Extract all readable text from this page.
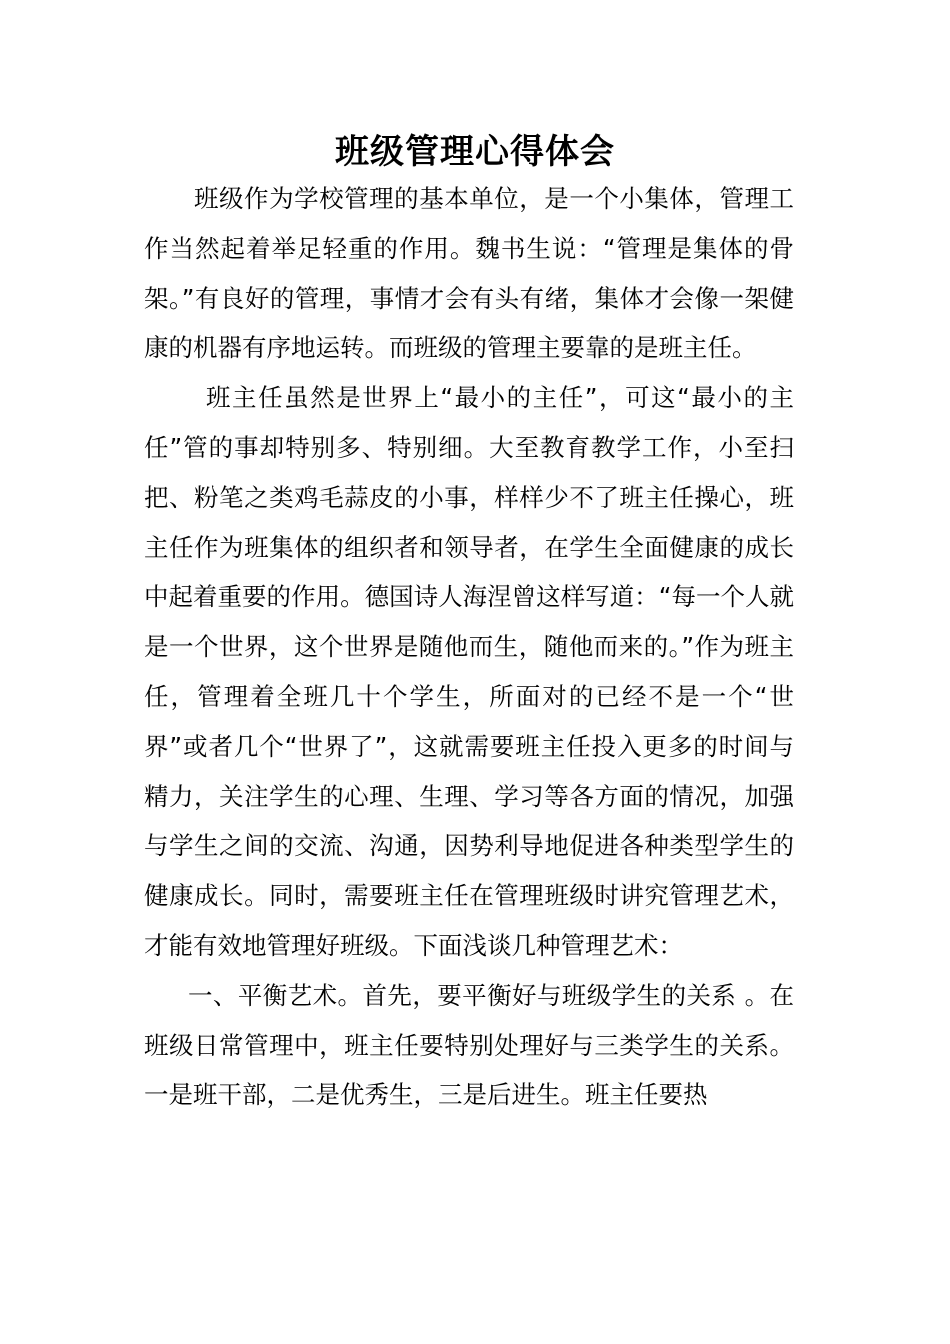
班级管理心得体会

班级作为学校管理的基本单位，是一个小集体，管理工作当然起着举足轻重的作用。魏书生说：“管理是集体的骨架。”有良好的管理，事情才会有头有绪，集体才会像一架健康的机器有序地运转。而班级的管理主要靠的是班主任。

班主任虽然是世界上“最小的主任”，可这“最小的主任”管的事却特别多、特别细。大至教育教学工作，小至扫把、粉笔之类鸡毛蒜皮的小事，样样少不了班主任操心，班主任作为班集体的组织者和领导者，在学生全面健康的成长中起着重要的作用。德国诗人海涅曾这样写道：“每一个人就是一个世界，这个世界是随他而生，随他而来的。”作为班主任，管理着全班几十个学生，所面对的已经不是一个“世界”或者几个“世界了”，这就需要班主任投入更多的时间与精力，关注学生的心理、生理、学习等各方面的情况，加强与学生之间的交流、沟通，因势利导地促进各种类型学生的健康成长。同时，需要班主任在管理班级时讲究管理艺术，才能有效地管理好班级。下面浅谈几种管理艺术：

一、平衡艺术。首先，要平衡好与班级学生的关系 。在班级日常管理中，班主任要特别处理好与三类学生的关系。一是班干部，二是优秀生，三是后进生。班主任要热
